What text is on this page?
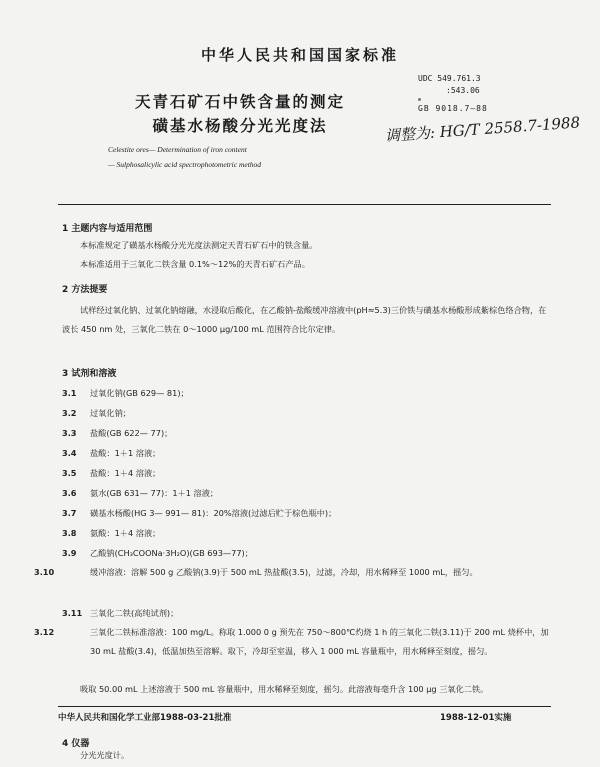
中华人民共和国国家标准
天青石矿石中铁含量的测定
磺基水杨酸分光光度法
UDC 549.761.3
:543.06
GB 9018.7—88
调整为: HG/T 2558.7-1988
Celestite ores— Determination of iron content
— Sulphosalicylic acid spectrophotometric method
1 主题内容与适用范围
本标准规定了磺基水杨酸分光光度法测定天青石矿石中的铁含量。
本标准适用于三氧化二铁含量 0.1%～12%的天青石矿石产品。
2 方法提要
试样经过氧化钠、过氧化钠熔融，水浸取后酸化，在乙酸钠-盐酸缓冲溶液中(pH≈5.3)三价铁与磺基水杨酸形成紫棕色络合物，在波长 450 nm 处，三氧化二铁在 0～1000 μg/100 mL 范围符合比尔定律。
3 试剂和溶液
3.1 过氧化钠(GB 629— 81)；
3.2 过氧化钠；
3.3 盐酸(GB 622— 77)；
3.4 盐酸：1＋1 溶液；
3.5 盐酸：1＋4 溶液；
3.6 氨水(GB 631— 77)：1＋1 溶液；
3.7 磺基水杨酸(HG 3— 991— 81)：20%溶液(过滤后贮于棕色瓶中)；
3.8 氨酸：1＋4 溶液；
3.9 乙酸钠(CH₃COONa·3H₂O)(GB 693—77)；
3.10	缓冲溶液：溶解 500 g 乙酸钠(3.9)于 500 mL 热盐酸(3.5)，过滤，冷却，用水稀释至 1000 mL，摇匀。
3.11 三氧化二铁(高纯试剂)；
3.12	三氧化二铁标准溶液：100 mg/L。称取 1.000 0 g 预先在 750～800℃灼烧 1 h 的三氧化二铁(3.11)于 200 mL 烧杯中，加 30 mL 盐酸(3.4)，低温加热至溶解。取下，冷却至室温，移入 1 000 mL 容量瓶中，用水稀释至刻度，摇匀。
吸取 50.00 mL 上述溶液于 500 mL 容量瓶中，用水稀释至刻度，摇匀。此溶液每毫升含 100 μg 三氧化二铁。
中华人民共和国化学工业部1988-03-21批准	1988-12-01实施
4 仪器
分光光度计。
